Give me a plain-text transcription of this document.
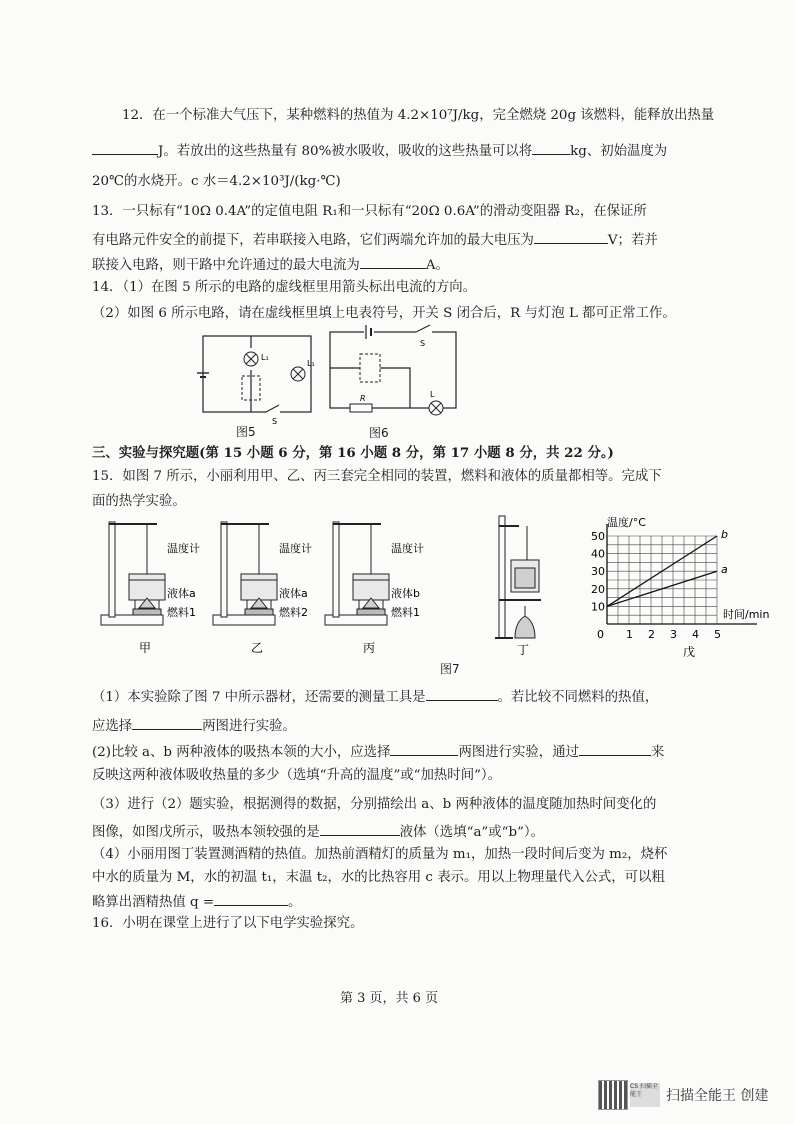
12．在一个标准大气压下，某种燃料的热值为 4.2×10⁷J/kg，完全燃烧 20g 该燃料，能释放出热量
J。若放出的这些热量有 80%被水吸收，吸收的这些热量可以将	kg、初始温度为
20℃的水烧开。c 水＝4.2×10³J/(kg·℃)
13．一只标有“10Ω 0.4A”的定值电阻 R₁和一只标有“20Ω 0.6A”的滑动变阻器 R₂，在保证所
有电路元件安全的前提下，若串联接入电路，它们两端允许加的最大电压为	V；若并
联接入电路，则干路中允许通过的最大电流为	A。
14．（1）在图 5 所示的电路的虚线框里用箭头标出电流的方向。
（2）如图 6 所示电路，请在虚线框里填上电表符号，开关 S 闭合后，R 与灯泡 L 都可正常工作。
L₁
L₁
S
图5
R	L
S
图6
三、实验与探究题(第 15 小题 6 分，第 16 小题 8 分，第 17 小题 8 分，共 22 分。)
15．如图 7 所示，小丽利用甲、乙、丙三套完全相同的装置，燃料和液体的质量都相等。完成下
面的热学实验。
温度计
液体a
燃料1
甲
温度计
液体a
燃料2
乙
温度计
液体b
燃料1
丙	丁
0 1 2 3 4 5
10
20
30
40
50	b
a
温度/°C
时间/min
戊
图7
（1）本实验除了图 7 中所示器材，还需要的测量工具是	。若比较不同燃料的热值，
应选择	两图进行实验。
(2)比较 a、b 两种液体的吸热本领的大小，应选择	两图进行实验，通过	来
反映这两种液体吸收热量的多少（选填“升高的温度”或“加热时间”）。
（3）进行（2）题实验，根据测得的数据，分别描绘出 a、b 两种液体的温度随加热时间变化的
图像，如图戊所示，吸热本领较强的是	液体（选填“a”或“b”）。
（4）小丽用图丁装置测酒精的热值。加热前酒精灯的质量为 m₁，加热一段时间后变为 m₂，烧杯
中水的质量为 M，水的初温 t₁，末温 t₂，水的比热容用 c 表示。用以上物理量代入公式，可以粗
略算出酒精热值 q =	。
16．小明在课堂上进行了以下电学实验探究。
第 3 页，共 6 页
CS 扫描全能王	扫描全能王 创建
